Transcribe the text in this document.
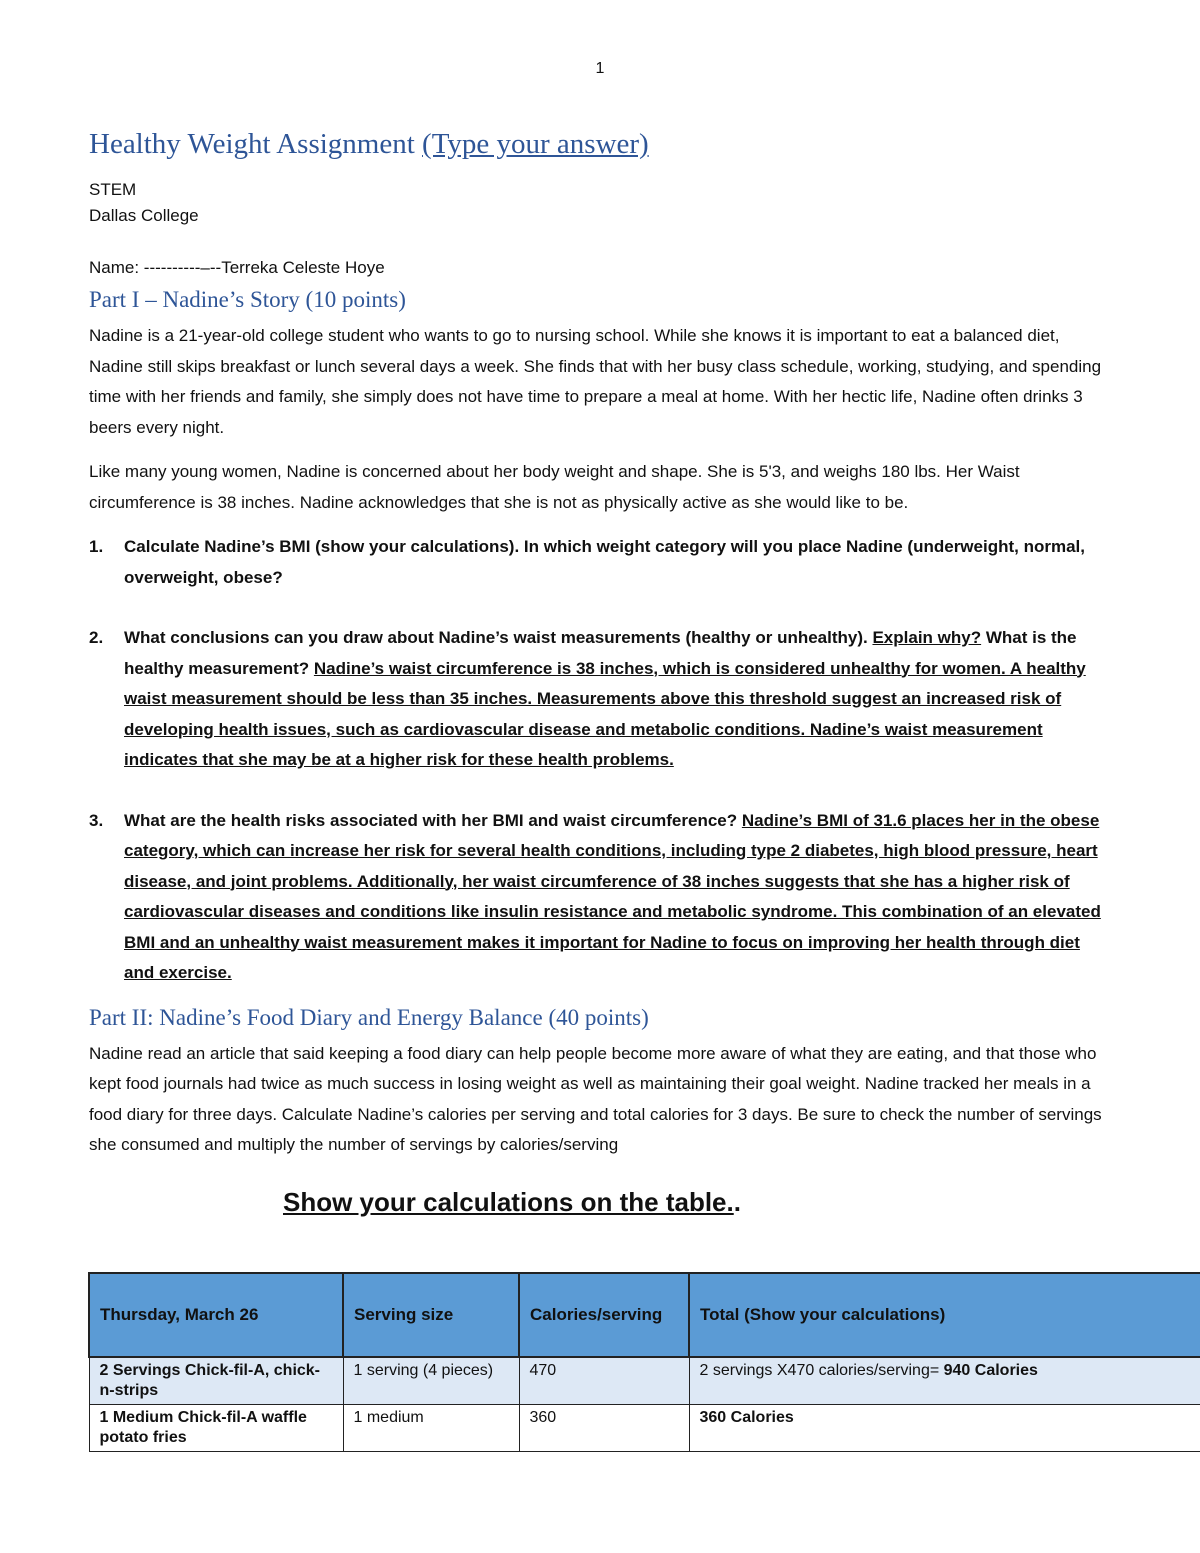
1
Healthy Weight Assignment (Type your answer)
STEM
Dallas College
Name: ----------–--Terreka Celeste Hoye
Part I – Nadine’s Story (10 points)

Nadine is a 21-year-old college student who wants to go to nursing school. While she knows it is important to eat a balanced diet, Nadine still skips breakfast or lunch several days a week. She finds that with her busy class schedule, working, studying, and spending time with her friends and family, she simply does not have time to prepare a meal at home. With her hectic life, Nadine often drinks 3 beers every night.

Like many young women, Nadine is concerned about her body weight and shape. She is 5'3, and weighs 180 lbs. Her Waist circumference is 38 inches. Nadine acknowledges that she is not as physically active as she would like to be.

1. Calculate Nadine’s BMI (show your calculations). In which weight category will you place Nadine (underweight, normal, overweight, obese?
2. What conclusions can you draw about Nadine’s waist measurements (healthy or unhealthy). Explain why? What is the healthy measurement? Nadine’s waist circumference is 38 inches, which is considered unhealthy for women. A healthy waist measurement should be less than 35 inches. Measurements above this threshold suggest an increased risk of developing health issues, such as cardiovascular disease and metabolic conditions. Nadine’s waist measurement indicates that she may be at a higher risk for these health problems.
3. What are the health risks associated with her BMI and waist circumference? Nadine’s BMI of 31.6 places her in the obese category, which can increase her risk for several health conditions, including type 2 diabetes, high blood pressure, heart disease, and joint problems. Additionally, her waist circumference of 38 inches suggests that she has a higher risk of cardiovascular diseases and conditions like insulin resistance and metabolic syndrome. This combination of an elevated BMI and an unhealthy waist measurement makes it important for Nadine to focus on improving her health through diet and exercise.
Part II: Nadine’s Food Diary and Energy Balance (40 points)

Nadine read an article that said keeping a food diary can help people become more aware of what they are eating, and that those who kept food journals had twice as much success in losing weight as well as maintaining their goal weight. Nadine tracked her meals in a food diary for three days. Calculate Nadine’s calories per serving and total calories for 3 days. Be sure to check the number of servings she consumed and multiply the number of servings by calories/serving

Show your calculations on the table..
Thursday, March 26	Serving size	Calories/serving	Total (Show your calculations)
2 Servings Chick-fil-A, chick-n-strips	1 serving (4 pieces)	470	2 servings X470 calories/serving= 940 Calories
1 Medium Chick-fil-A waffle potato fries	1 medium	360	360 Calories
